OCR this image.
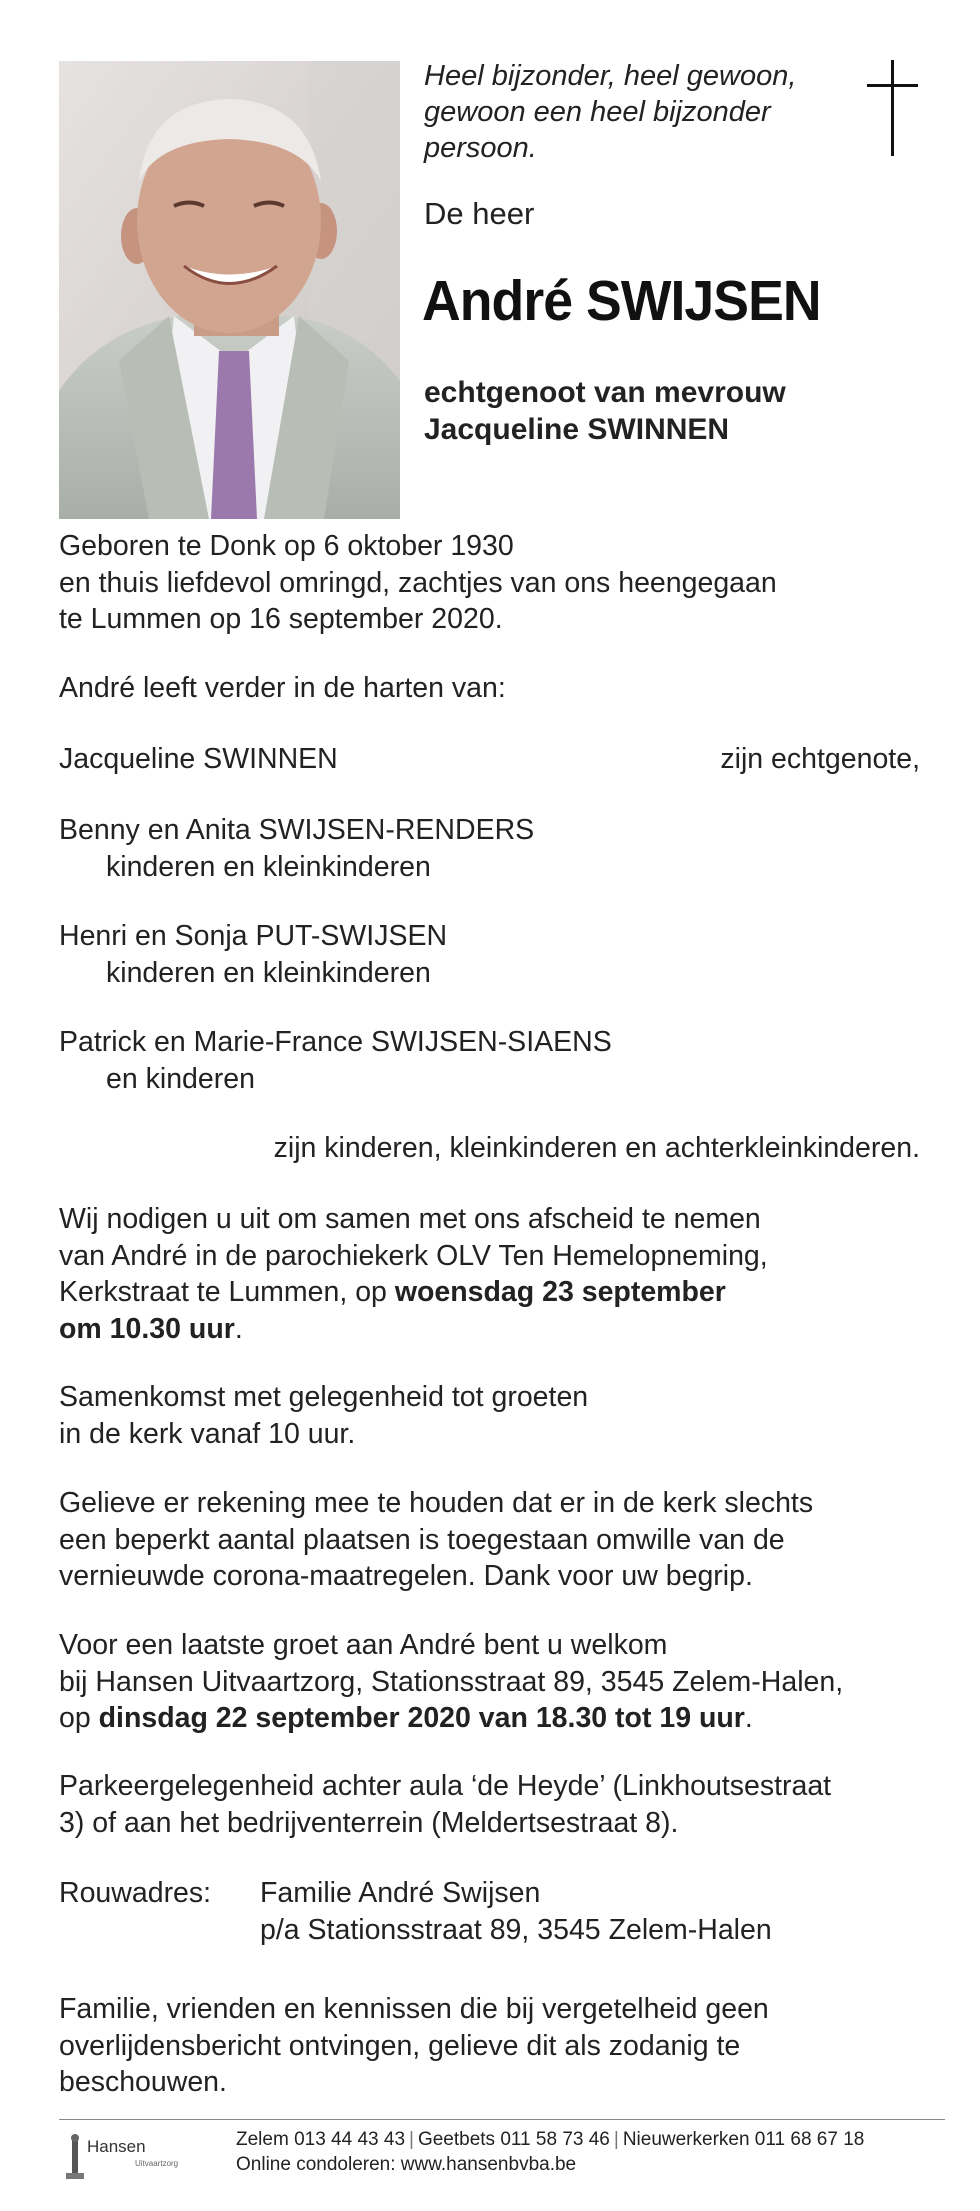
Heel bijzonder, heel gewoon,
gewoon een heel bijzonder
persoon.
De heer
André SWIJSEN
echtgenoot van mevrouw
Jacqueline SWINNEN
Geboren te Donk op 6 oktober 1930
en thuis liefdevol omringd, zachtjes van ons heengegaan
te Lummen op 16 september 2020.
André leeft verder in de harten van:
Jacqueline SWINNEN	zijn echtgenote,
Benny en Anita SWIJSEN-RENDERS
kinderen en kleinkinderen
Henri en Sonja PUT-SWIJSEN
kinderen en kleinkinderen
Patrick en Marie-France SWIJSEN-SIAENS
en kinderen
zijn kinderen, kleinkinderen en achterkleinkinderen.
Wij nodigen u uit om samen met ons afscheid te nemen
van André in de parochiekerk OLV Ten Hemelopneming,
Kerkstraat te Lummen, op woensdag 23 september
om 10.30 uur.
Samenkomst met gelegenheid tot groeten
in de kerk vanaf 10 uur.
Gelieve er rekening mee te houden dat er in de kerk slechts
een beperkt aantal plaatsen is toegestaan omwille van de
vernieuwde corona-maatregelen. Dank voor uw begrip.
Voor een laatste groet aan André bent u welkom
bij Hansen Uitvaartzorg, Stationsstraat 89, 3545 Zelem-Halen,
op dinsdag 22 september 2020 van 18.30 tot 19 uur.
Parkeergelegenheid achter aula ‘de Heyde’ (Linkhoutsestraat
3) of aan het bedrijventerrein (Meldertsestraat 8).
Rouwadres:	Familie André Swijsen
p/a Stationsstraat 89, 3545 Zelem-Halen
Familie, vrienden en kennissen die bij vergetelheid geen
overlijdensbericht ontvingen, gelieve dit als zodanig te
beschouwen.
Hansen
Uitvaartzorg
Zelem 013 44 43 43 | Geetbets 011 58 73 46 | Nieuwerkerken 011 68 67 18
Online condoleren: www.hansenbvba.be
